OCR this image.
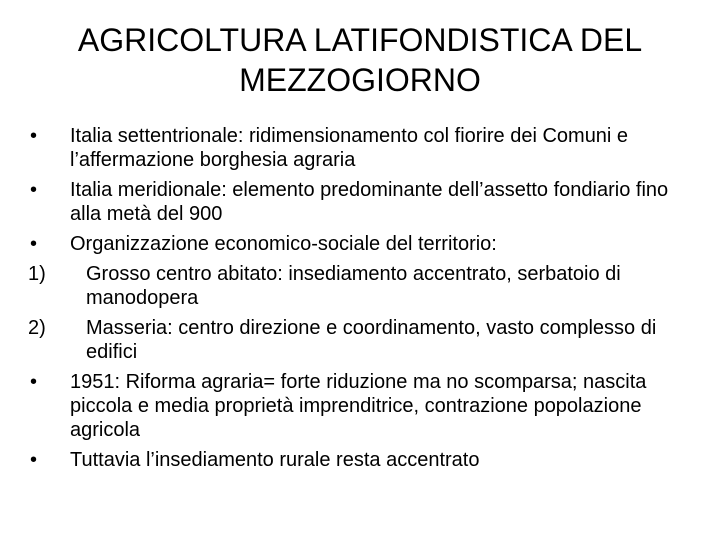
AGRICOLTURA LATIFONDISTICA DEL
MEZZOGIORNO
•	Italia settentrionale: ridimensionamento col fiorire dei Comuni e l’affermazione borghesia agraria
•	Italia meridionale: elemento predominante dell’assetto fondiario fino alla metà del 900
•	Organizzazione economico-sociale del territorio:
1)	Grosso centro abitato: insediamento accentrato, serbatoio di manodopera
2)	Masseria: centro direzione e coordinamento, vasto complesso di edifici
•	1951: Riforma agraria= forte riduzione ma no scomparsa; nascita piccola e media proprietà imprenditrice, contrazione popolazione agricola
•	Tuttavia l’insediamento rurale resta accentrato
